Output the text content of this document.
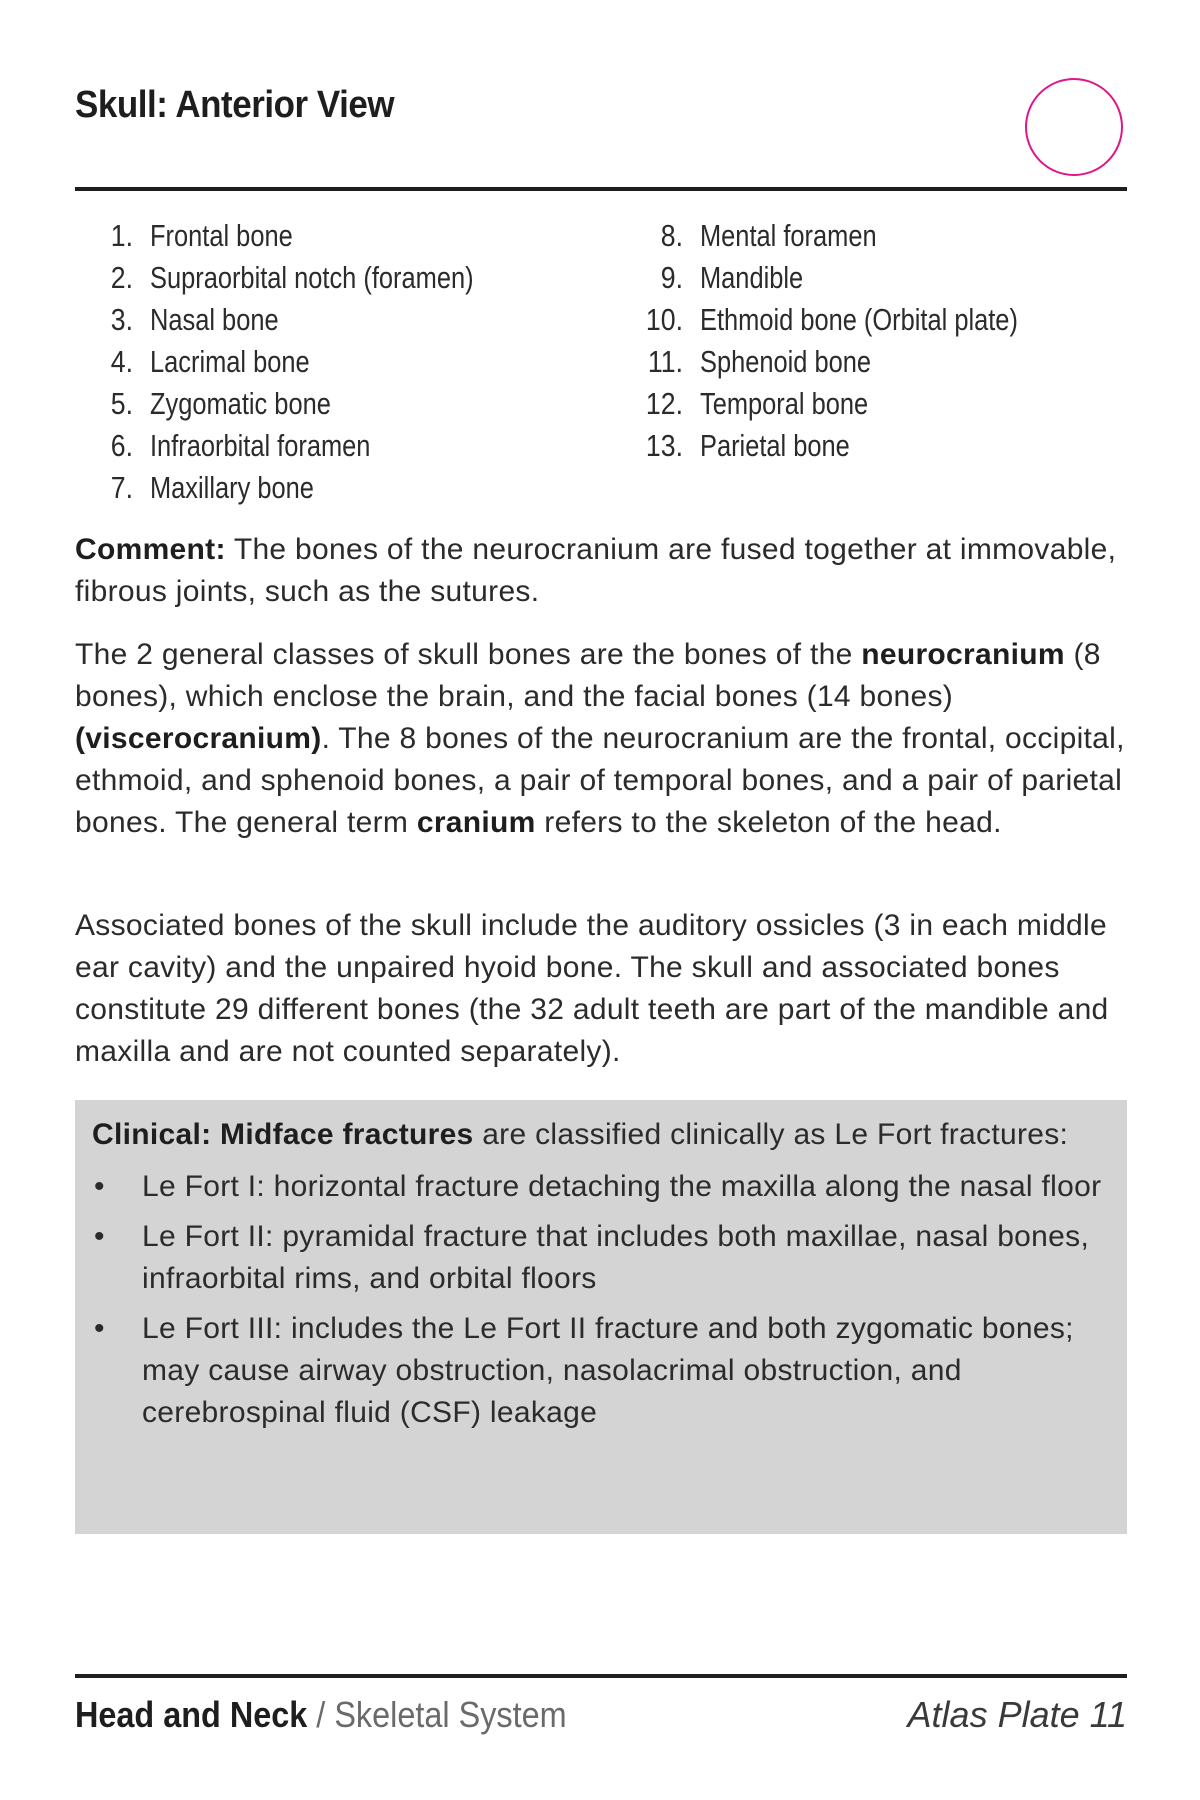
Skull: Anterior View
1. Frontal bone
2. Supraorbital notch (foramen)
3. Nasal bone
4. Lacrimal bone
5. Zygomatic bone
6. Infraorbital foramen
7. Maxillary bone
8. Mental foramen
9. Mandible
10. Ethmoid bone (Orbital plate)
11. Sphenoid bone
12. Temporal bone
13. Parietal bone

Comment: The bones of the neurocranium are fused together at immovable, fibrous joints, such as the sutures.

The 2 general classes of skull bones are the bones of the neurocranium (8 bones), which enclose the brain, and the facial bones (14 bones) (viscerocranium). The 8 bones of the neurocranium are the frontal, occipital, ethmoid, and sphenoid bones, a pair of temporal bones, and a pair of parietal bones. The general term cranium refers to the skeleton of the head.

Associated bones of the skull include the auditory ossicles (3 in each middle ear cavity) and the unpaired hyoid bone. The skull and associated bones constitute 29 different bones (the 32 adult teeth are part of the mandible and maxilla and are not counted separately).

Clinical: Midface fractures are classified clinically as Le Fort fractures:

• Le Fort I: horizontal fracture detaching the maxilla along the nasal floor
• Le Fort II: pyramidal fracture that includes both maxillae, nasal bones, infraorbital rims, and orbital floors
• Le Fort III: includes the Le Fort II fracture and both zygomatic bones; may cause airway obstruction, nasolacrimal obstruction, and cerebrospinal fluid (CSF) leakage
Head and Neck / Skeletal System	Atlas Plate 11
